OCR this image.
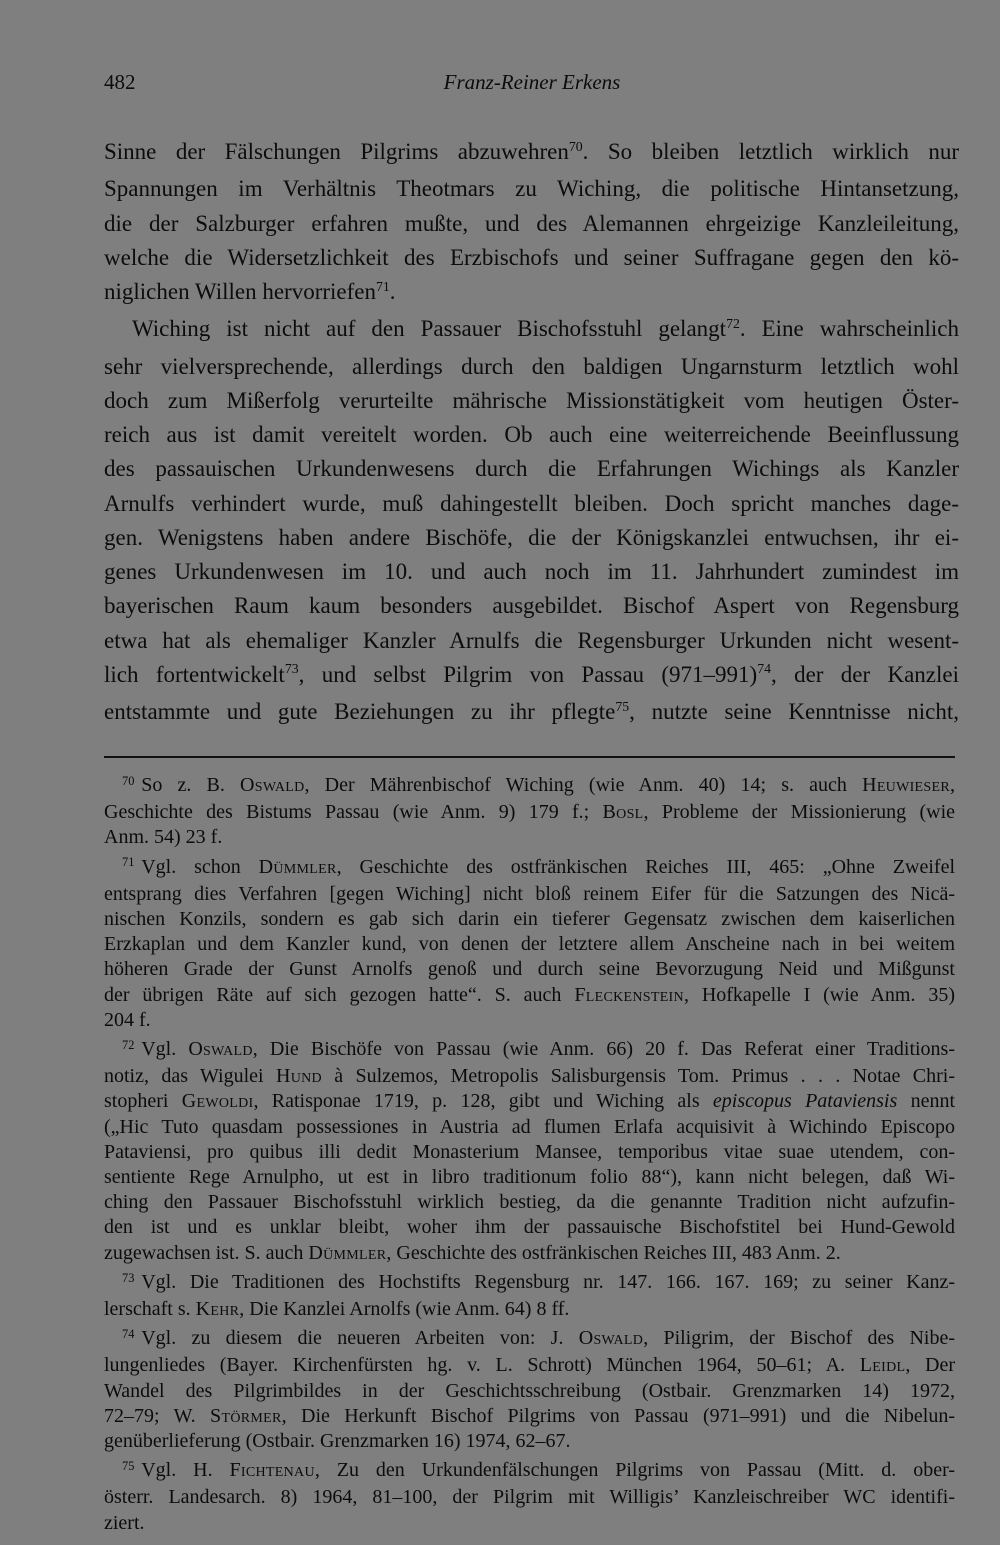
482	Franz-Reiner Erkens
Sinne der Fälschungen Pilgrims abzuwehren$^{70}$. So bleiben letztlich wirklich nur
Spannungen im Verhältnis Theotmars zu Wiching, die politische Hintansetzung,
die der Salzburger erfahren mußte, und des Alemannen ehrgeizige Kanzleileitung,
welche die Widersetzlichkeit des Erzbischofs und seiner Suffragane gegen den kö-
niglichen Willen hervorriefen$^{71}$.
Wiching ist nicht auf den Passauer Bischofsstuhl gelangt$^{72}$. Eine wahrscheinlich
sehr vielversprechende, allerdings durch den baldigen Ungarnsturm letztlich wohl
doch zum Mißerfolg verurteilte mährische Missionstätigkeit vom heutigen Öster-
reich aus ist damit vereitelt worden. Ob auch eine weiterreichende Beeinflussung
des passauischen Urkundenwesens durch die Erfahrungen Wichings als Kanzler
Arnulfs verhindert wurde, muß dahingestellt bleiben. Doch spricht manches dage-
gen. Wenigstens haben andere Bischöfe, die der Königskanzlei entwuchsen, ihr ei-
genes Urkundenwesen im 10. und auch noch im 11. Jahrhundert zumindest im
bayerischen Raum kaum besonders ausgebildet. Bischof Aspert von Regensburg
etwa hat als ehemaliger Kanzler Arnulfs die Regensburger Urkunden nicht wesent-
lich fortentwickelt$^{73}$, und selbst Pilgrim von Passau $(971-991)^{74}$, der der Kanzlei
entstammte und gute Beziehungen zu ihr pflegte$^{75}$, nutzte seine Kenntnisse nicht,
$^{70}$ So z. B. Oswald, Der Mährenbischof Wiching (wie Anm. 40) 14; s. auch Heuwieser,
Geschichte des Bistums Passau (wie Anm. 9) 179 f.; Bosl, Probleme der Missionierung (wie
Anm. 54) 23 f.
$^{71}$ Vgl. schon Dümmler, Geschichte des ostfränkischen Reiches III, 465: „Ohne Zweifel
entsprang dies Verfahren [gegen Wiching] nicht bloß reinem Eifer für die Satzungen des Nicä-
nischen Konzils, sondern es gab sich darin ein tieferer Gegensatz zwischen dem kaiserlichen
Erzkaplan und dem Kanzler kund, von denen der letztere allem Anscheine nach in bei weitem
höheren Grade der Gunst Arnolfs genoß und durch seine Bevorzugung Neid und Mißgunst
der übrigen Räte auf sich gezogen hatte“. S. auch Fleckenstein, Hofkapelle I (wie Anm. 35)
204 f.
$^{72}$ Vgl. Oswald, Die Bischöfe von Passau (wie Anm. 66) 20 f. Das Referat einer Traditions-
notiz, das Wigulei Hund à Sulzemos, Metropolis Salisburgensis Tom. Primus . . . Notae Chri-
stopheri Gewoldi, Ratisponae 1719, p. 128, gibt und Wiching als episcopus Pataviensis nennt
(„Hic Tuto quasdam possessiones in Austria ad flumen Erlafa acquisivit à Wichindo Episcopo
Pataviensi, pro quibus illi dedit Monasterium Mansee, temporibus vitae suae utendem, con-
sentiente Rege Arnulpho, ut est in libro traditionum folio 88“), kann nicht belegen, daß Wi-
ching den Passauer Bischofsstuhl wirklich bestieg, da die genannte Tradition nicht aufzufin-
den ist und es unklar bleibt, woher ihm der passauische Bischofstitel bei Hund-Gewold
zugewachsen ist. S. auch Dümmler, Geschichte des ostfränkischen Reiches III, 483 Anm. 2.
$^{73}$ Vgl. Die Traditionen des Hochstifts Regensburg nr. 147. 166. 167. 169; zu seiner Kanz-
lerschaft s. Kehr, Die Kanzlei Arnolfs (wie Anm. 64) 8 ff.
$^{74}$ Vgl. zu diesem die neueren Arbeiten von: J. Oswald, Piligrim, der Bischof des Nibe-
lungenliedes (Bayer. Kirchenfürsten hg. v. L. Schrott) München 1964, 50–61; A. Leidl, Der
Wandel des Pilgrimbildes in der Geschichtsschreibung (Ostbair. Grenzmarken 14) 1972,
72–79; W. Störmer, Die Herkunft Bischof Pilgrims von Passau (971–991) und die Nibelun-
genüberlieferung (Ostbair. Grenzmarken 16) 1974, 62–67.
$^{75}$ Vgl. H. Fichtenau, Zu den Urkundenfälschungen Pilgrims von Passau (Mitt. d. ober-
österr. Landesarch. 8) 1964, 81–100, der Pilgrim mit Willigis’ Kanzleischreiber WC identifi-
ziert.
